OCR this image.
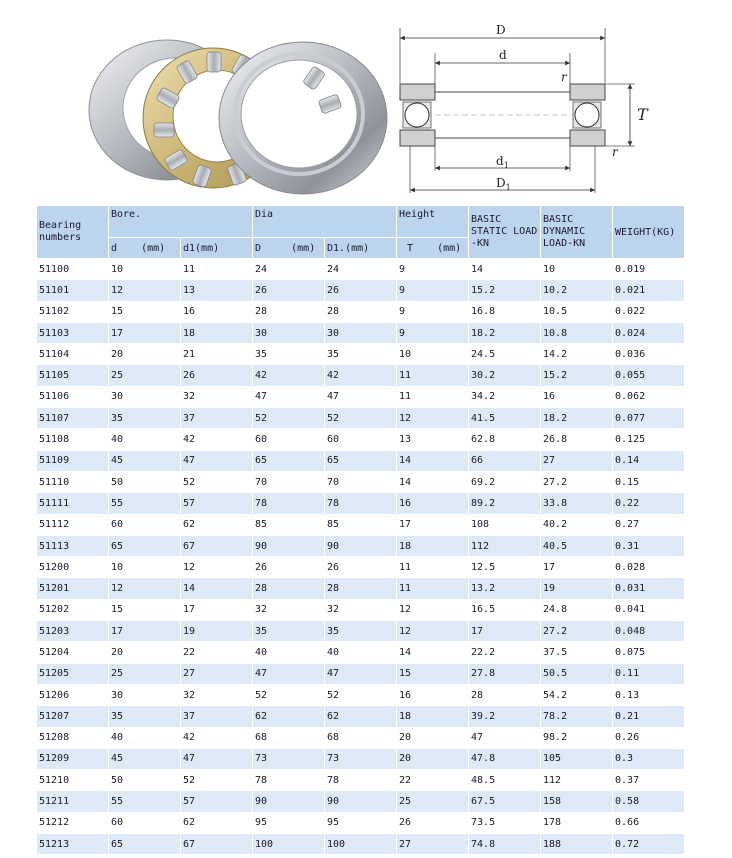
D
d
r
T
r
$d_1$
$D_1$
Bearing numbers	Bore.		Dia		Height	BASIC STATIC LOAD -KN	BASIC DYNAMIC LOAD-KN	WEIGHT(KG)
	d    (mm)	d1(mm)	D     (mm)	D1.(mm)	T    (mm)			
51100	10	11	24	24	9	14	10	0.019
51101	12	13	26	26	9	15.2	10.2	0.021
51102	15	16	28	28	9	16.8	10.5	0.022
51103	17	18	30	30	9	18.2	10.8	0.024
51104	20	21	35	35	10	24.5	14.2	0.036
51105	25	26	42	42	11	30.2	15.2	0.055
51106	30	32	47	47	11	34.2	16	0.062
51107	35	37	52	52	12	41.5	18.2	0.077
51108	40	42	60	60	13	62.8	26.8	0.125
51109	45	47	65	65	14	66	27	0.14
51110	50	52	70	70	14	69.2	27.2	0.15
51111	55	57	78	78	16	89.2	33.8	0.22
51112	60	62	85	85	17	108	40.2	0.27
51113	65	67	90	90	18	112	40.5	0.31
51200	10	12	26	26	11	12.5	17	0.028
51201	12	14	28	28	11	13.2	19	0.031
51202	15	17	32	32	12	16.5	24.8	0.041
51203	17	19	35	35	12	17	27.2	0.048
51204	20	22	40	40	14	22.2	37.5	0.075
51205	25	27	47	47	15	27.8	50.5	0.11
51206	30	32	52	52	16	28	54.2	0.13
51207	35	37	62	62	18	39.2	78.2	0.21
51208	40	42	68	68	20	47	98.2	0.26
51209	45	47	73	73	20	47.8	105	0.3
51210	50	52	78	78	22	48.5	112	0.37
51211	55	57	90	90	25	67.5	158	0.58
51212	60	62	95	95	26	73.5	178	0.66
51213	65	67	100	100	27	74.8	188	0.72
